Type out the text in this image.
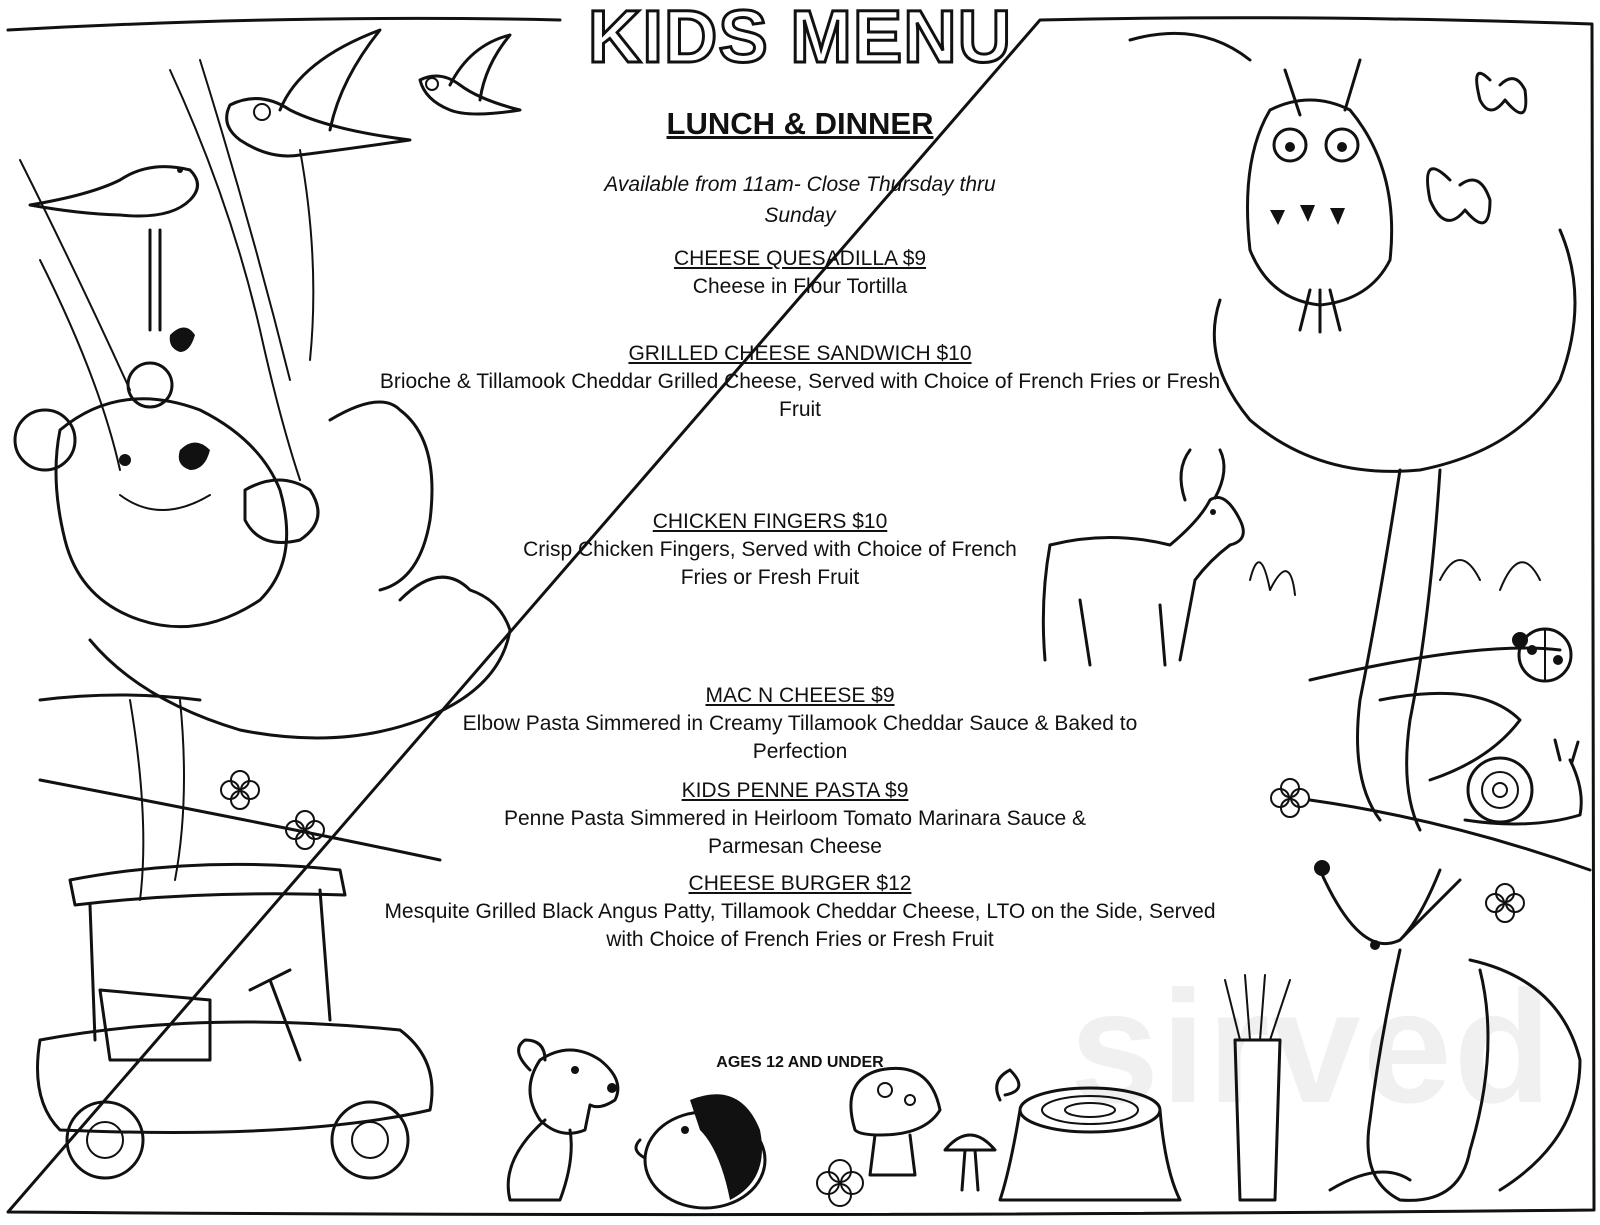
sirved
KIDS MENU
LUNCH & DINNER
Available from 11am- Close Thursday thru Sunday
CHEESE QUESADILLA $9
Cheese in Flour Tortilla
GRILLED CHEESE SANDWICH $10
Brioche & Tillamook Cheddar Grilled Cheese, Served with Choice of French Fries or Fresh Fruit
CHICKEN FINGERS $10
Crisp Chicken Fingers, Served with Choice of French Fries or Fresh Fruit
MAC N CHEESE $9
Elbow Pasta Simmered in Creamy Tillamook Cheddar Sauce & Baked to Perfection
KIDS PENNE PASTA $9
Penne Pasta Simmered in Heirloom Tomato Marinara Sauce & Parmesan Cheese
CHEESE BURGER $12
Mesquite Grilled Black Angus Patty, Tillamook Cheddar Cheese, LTO on the Side, Served with Choice of French Fries or Fresh Fruit
AGES 12 AND UNDER
